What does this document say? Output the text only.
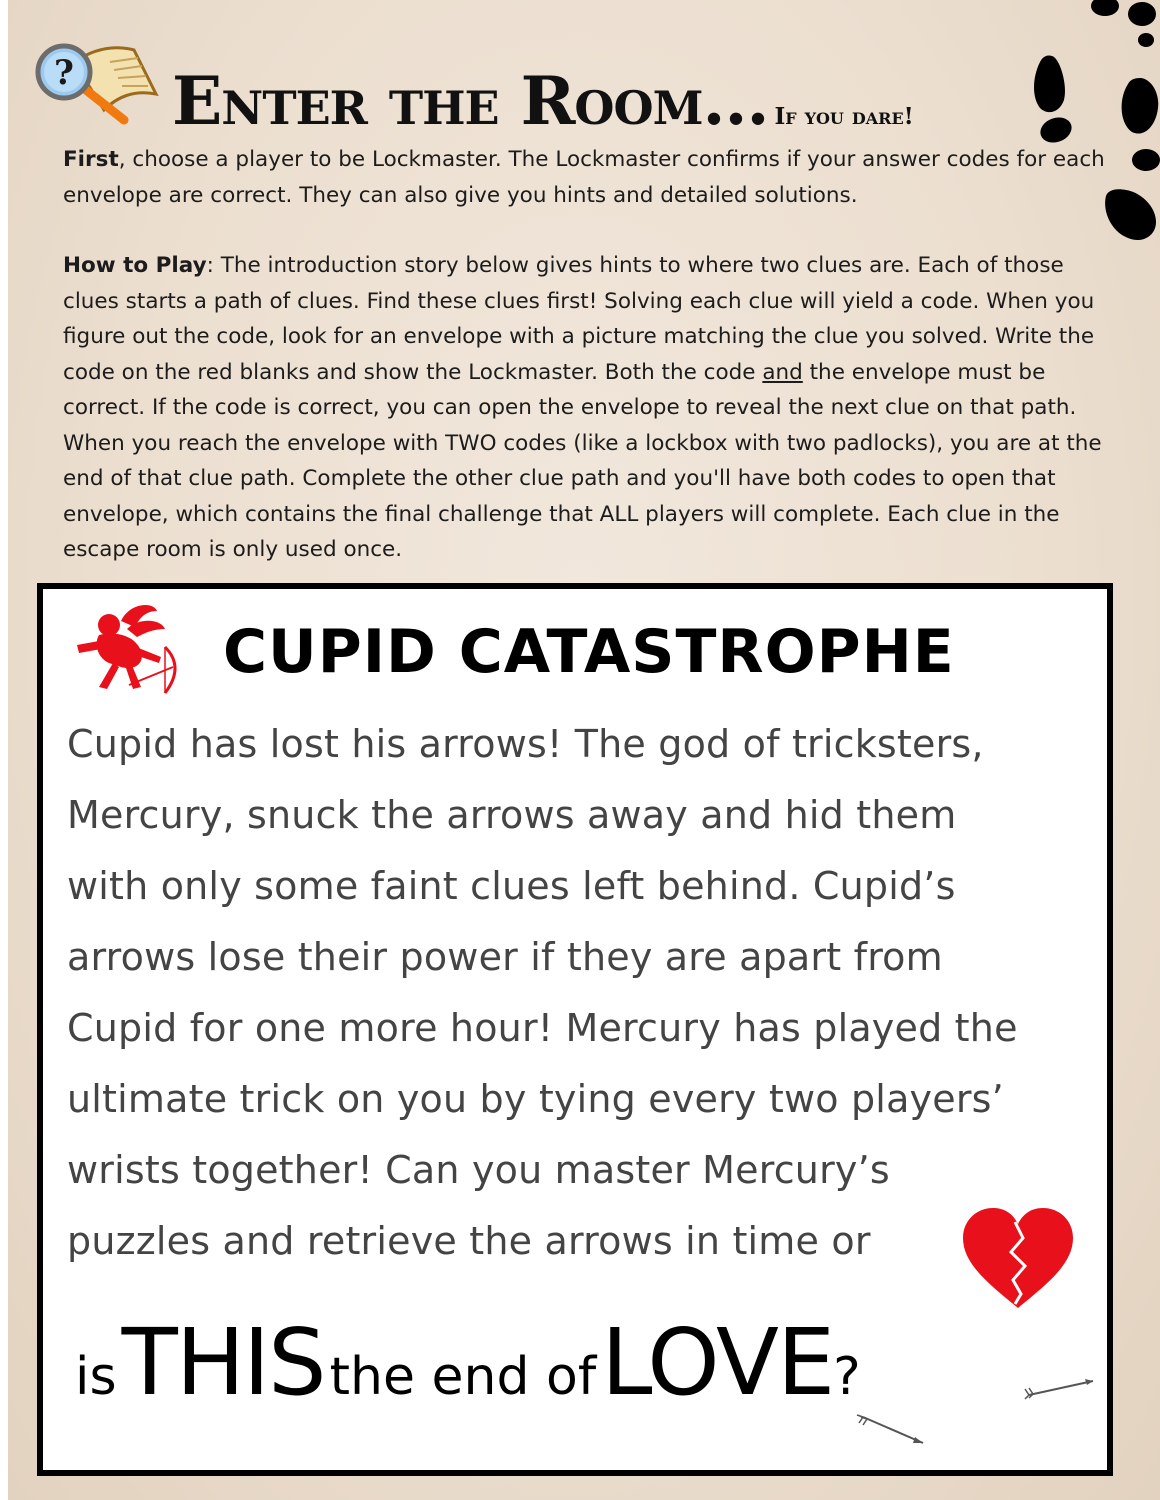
? Enter the Room... If you dare!

First, choose a player to be Lockmaster. The Lockmaster confirms if your answer codes for each envelope are correct. They can also give you hints and detailed solutions.

How to Play: The introduction story below gives hints to where two clues are. Each of those clues starts a path of clues. Find these clues first! Solving each clue will yield a code. When you figure out the code, look for an envelope with a picture matching the clue you solved. Write the code on the red blanks and show the Lockmaster. Both the code and the envelope must be correct. If the code is correct, you can open the envelope to reveal the next clue on that path. When you reach the envelope with TWO codes (like a lockbox with two padlocks), you are at the end of that clue path. Complete the other clue path and you'll have both codes to open that envelope, which contains the final challenge that ALL players will complete. Each clue in the escape room is only used once.

CUPID CATASTROPHE

Cupid has lost his arrows! The god of tricksters,
Mercury, snuck the arrows away and hid them
with only some faint clues left behind. Cupid’s
arrows lose their power if they are apart from
Cupid for one more hour! Mercury has played the
ultimate trick on you by tying every two players’
wrists together! Can you master Mercury’s
puzzles and retrieve the arrows in time or

is THIS the end of LOVE?
